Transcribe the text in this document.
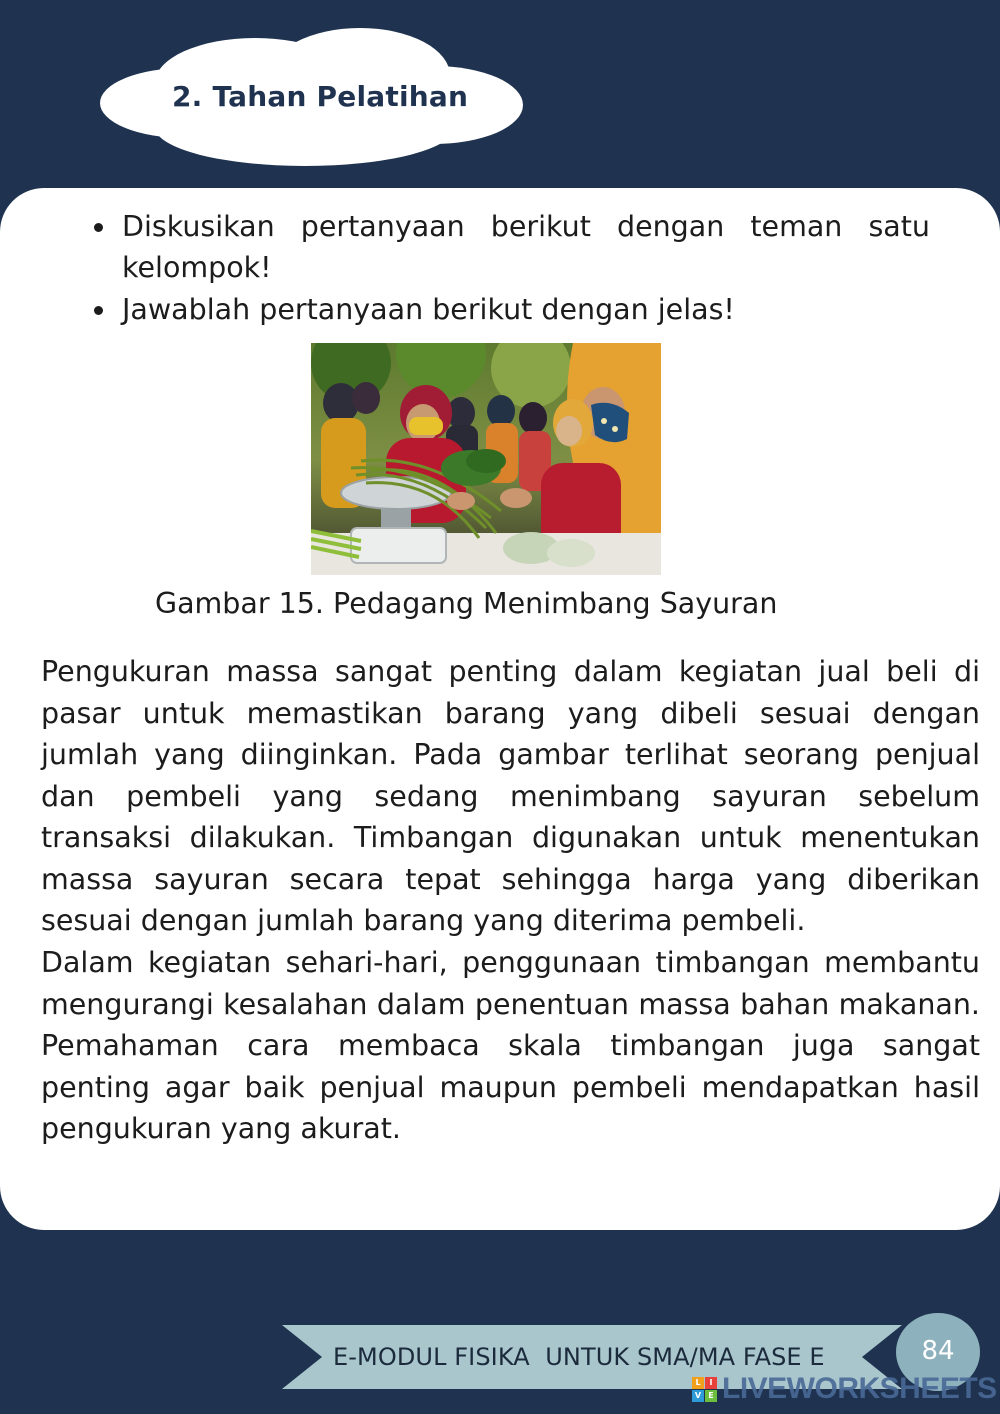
2. Tahan Pelatihan
Diskusikan pertanyaan berikut dengan teman satu kelompok!
Jawablah pertanyaan berikut dengan jelas!
Gambar 15. Pedagang Menimbang Sayuran

Pengukuran massa sangat penting dalam kegiatan jual beli di pasar untuk memastikan barang yang dibeli sesuai dengan jumlah yang diinginkan. Pada gambar terlihat seorang penjual dan pembeli yang sedang menimbang sayuran sebelum transaksi dilakukan. Timbangan digunakan untuk menentukan massa sayuran secara tepat sehingga harga yang diberikan sesuai dengan jumlah barang yang diterima pembeli.

Dalam kegiatan sehari-hari, penggunaan timbangan membantu mengurangi kesalahan dalam penentuan massa bahan makanan. Pemahaman cara membaca skala timbangan juga sangat penting agar baik penjual maupun pembeli mendapatkan hasil pengukuran yang akurat.

E-MODUL FISIKA  UNTUK SMA/MA FASE E	84
L	I
V E LIVEWORKSHEETS
